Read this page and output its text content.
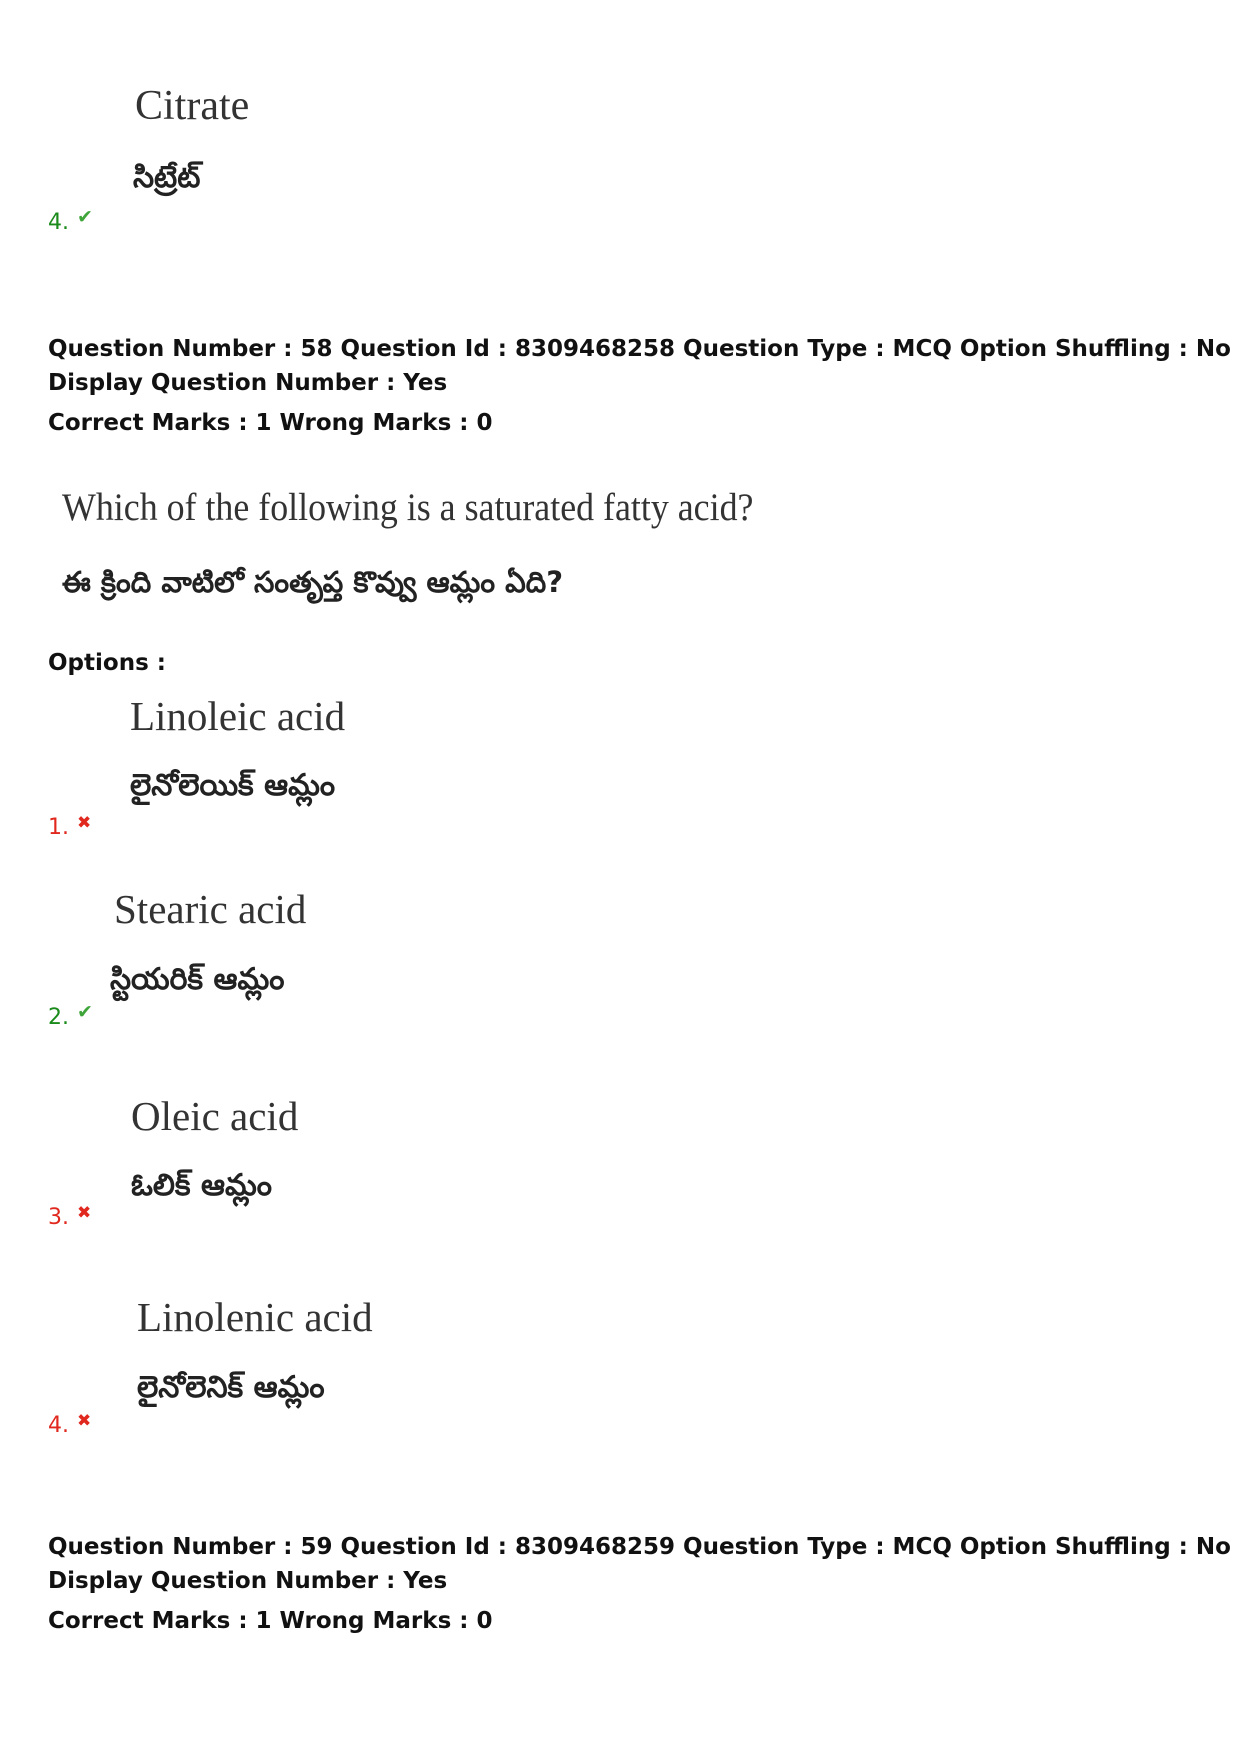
Citrate
సిట్రేట్
4. ✔
Question Number : 58 Question Id : 8309468258 Question Type : MCQ Option Shuffling : No
Display Question Number : Yes
Correct Marks : 1 Wrong Marks : 0
Which of the following is a saturated fatty acid?
ఈ క్రింది వాటిలో సంతృప్త కొవ్వు ఆమ్లం ఏది?
Options :
Linoleic acid
లైనోలెయిక్ ఆమ్లం
1. ✖
Stearic acid
స్టియరిక్ ఆమ్లం
2. ✔
Oleic acid
ఓలిక్ ఆమ్లం
3. ✖
Linolenic acid
లైనోలెనిక్ ఆమ్లం
4. ✖
Question Number : 59 Question Id : 8309468259 Question Type : MCQ Option Shuffling : No
Display Question Number : Yes
Correct Marks : 1 Wrong Marks : 0
